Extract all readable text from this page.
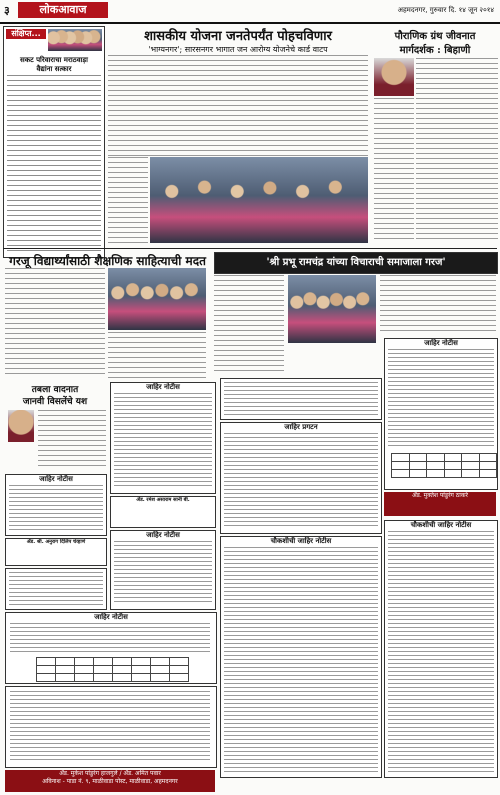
३	लोकआवाज	अहमदनगर, गुरुवार दि. १४ जून २०१४
संक्षिप्त...
सकट परिवाराचा मराठवाड़ा
वैद्यांना सत्कार
शासकीय योजना जनतेपर्यंत पोहचविणार
'भाग्यनगर'; सारसनगर भागात जन आरोग्य योजनेचे कार्ड वाटप
पौराणिक ग्रंथ जीवनात
मार्गदर्शक : बिहाणी
गरजू विद्यार्थ्यांसाठी शैक्षणिक साहित्याची मदत	'श्री प्रभू रामचंद्र यांच्या विचाराची समाजाला गरज'
तबला वादनात
जानवी विसलेंचे यश
जाहिर नोटीस
ॲड. श्री. अनुराग दिलिप चेव्हाणे
जाहिर नोटीस

ॲड. मुकेश पांडुरंग हाजगुले / ॲड. अमित पवार
अविनाश - पाडा नं. ९, माळीवाडा पोस्ट, माळीवाडा, अहमदनगर
जाहिर नोटीस
ॲड. रमेश असाराम सानी बी.
जाहिर नोटीस
जाहिर प्रगटन
चौकशीची जाहिर नोटीस
जाहिर नोटीस

ॲड. मुक्तेश पांडुरंग ठाकरे
चौकशीची जाहिर नोटीस
